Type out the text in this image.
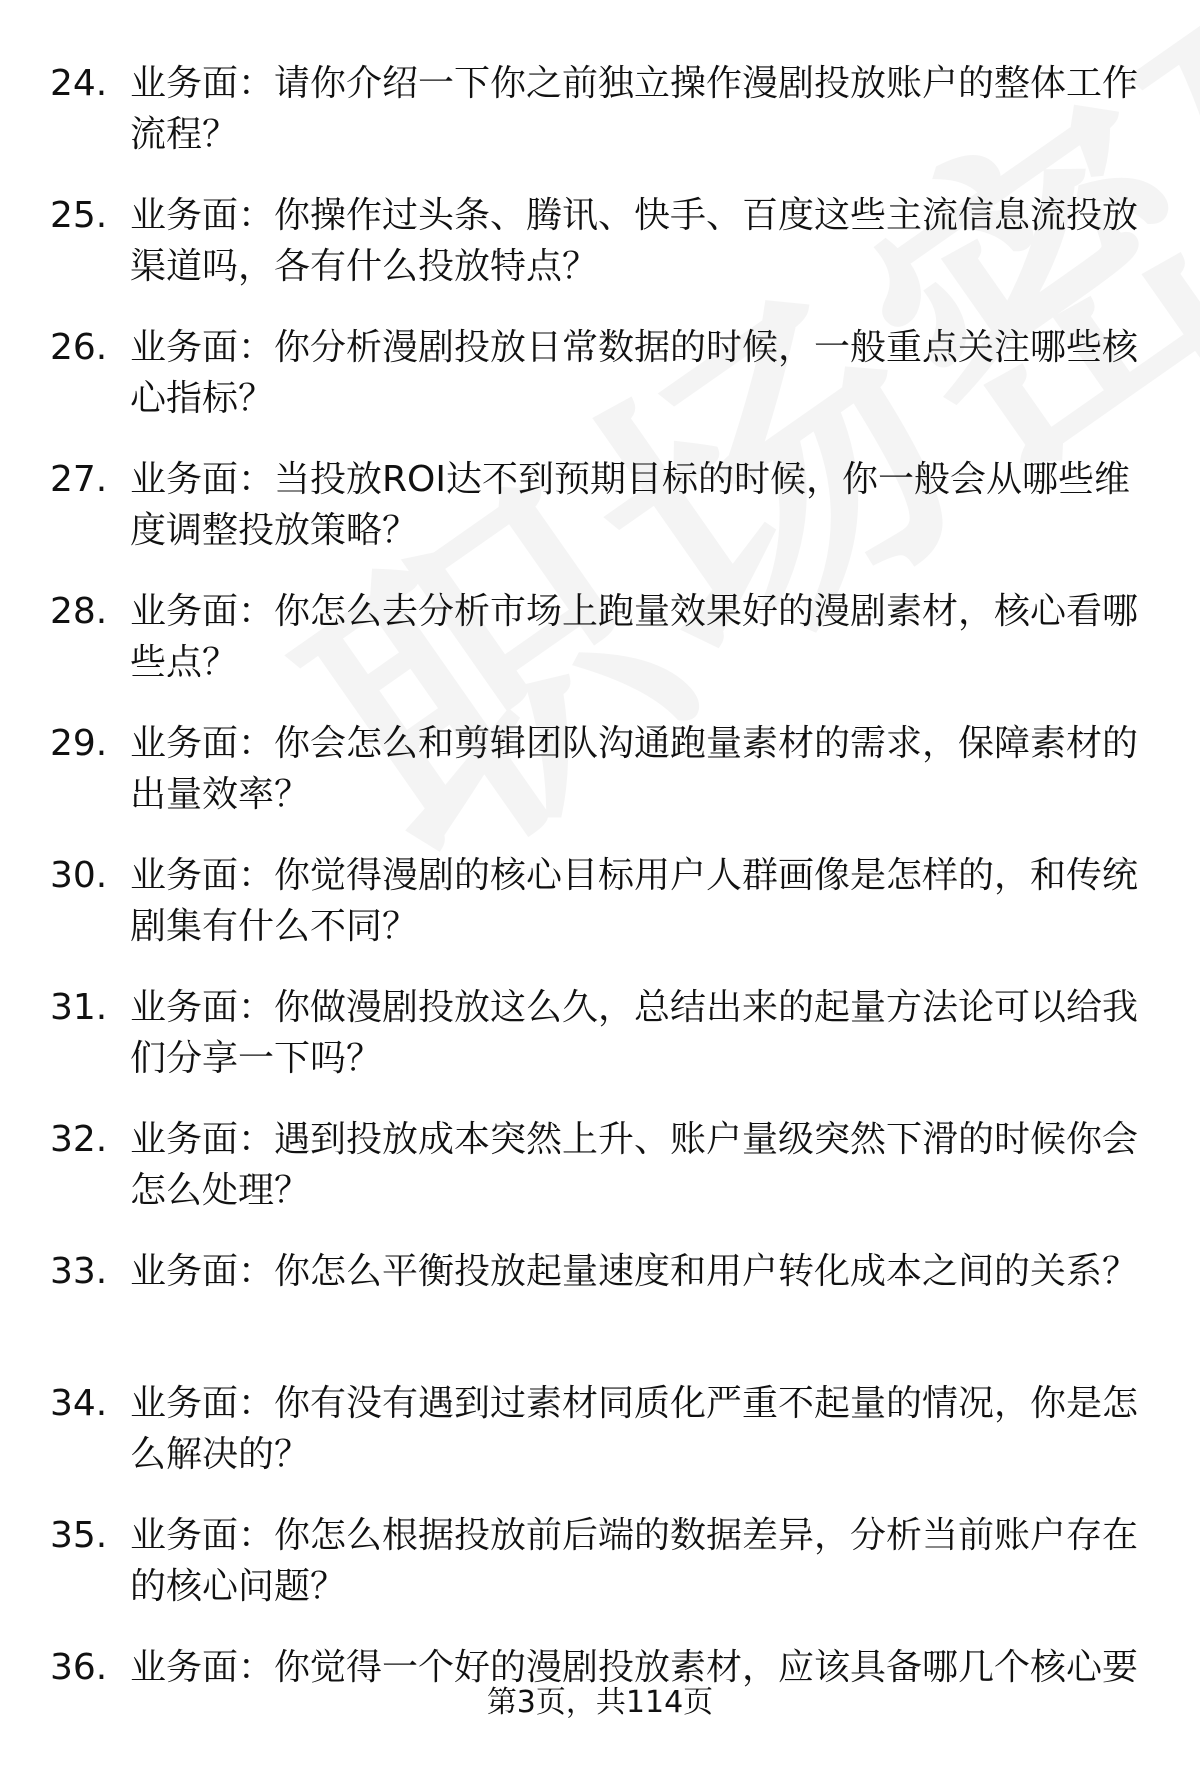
24. 业务面：请你介绍一下你之前独立操作漫剧投放账户的整体工作流程？

25. 业务面：你操作过头条、腾讯、快手、百度这些主流信息流投放渠道吗，各有什么投放特点？

26. 业务面：你分析漫剧投放日常数据的时候，一般重点关注哪些核心指标？

27. 业务面：当投放ROI达不到预期目标的时候，你一般会从哪些维度调整投放策略？

28. 业务面：你怎么去分析市场上跑量效果好的漫剧素材，核心看哪些点？

29. 业务面：你会怎么和剪辑团队沟通跑量素材的需求，保障素材的出量效率？

30. 业务面：你觉得漫剧的核心目标用户人群画像是怎样的，和传统剧集有什么不同？

31. 业务面：你做漫剧投放这么久，总结出来的起量方法论可以给我们分享一下吗？

32. 业务面：遇到投放成本突然上升、账户量级突然下滑的时候你会怎么处理？

33. 业务面：你怎么平衡投放起量速度和用户转化成本之间的关系？

34. 业务面：你有没有遇到过素材同质化严重不起量的情况，你是怎么解决的？

35. 业务面：你怎么根据投放前后端的数据差异，分析当前账户存在的核心问题？

36. 业务面：你觉得一个好的漫剧投放素材，应该具备哪几个核心要

第3页，共114页
